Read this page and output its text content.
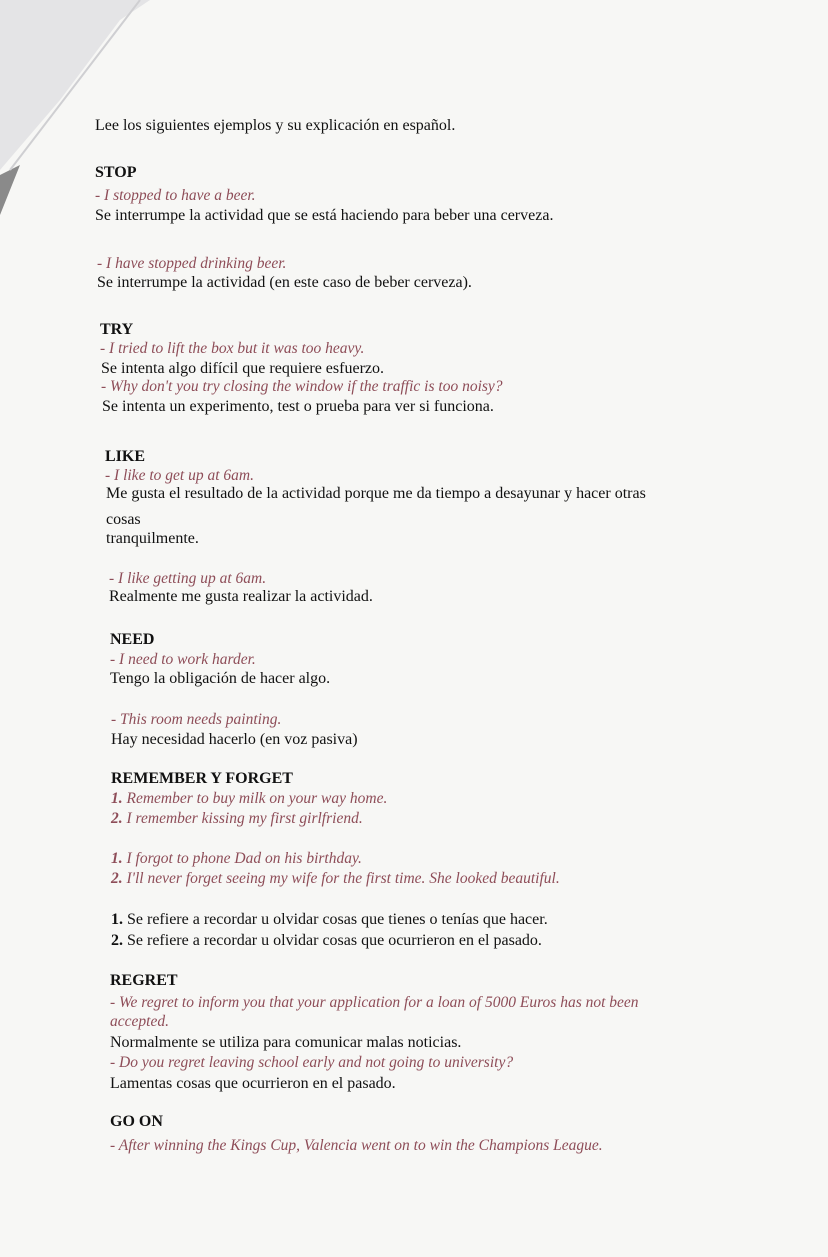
Lee los siguientes ejemplos y su explicación en español.
STOP
- I stopped to have a beer.
Se interrumpe la actividad que se está haciendo para beber una cerveza.
- I have stopped drinking beer.
Se interrumpe la actividad (en este caso de beber cerveza).
TRY
- I tried to lift the box but it was too heavy.
Se intenta algo difícil que requiere esfuerzo.
- Why don't you try closing the window if the traffic is too noisy?
Se intenta un experimento, test o prueba para ver si funciona.
LIKE
- I like to get up at 6am.
Me gusta el resultado de la actividad porque me da tiempo a desayunar y hacer otras
cosas
tranquilmente.
- I like getting up at 6am.
Realmente me gusta realizar la actividad.
NEED
- I need to work harder.
Tengo la obligación de hacer algo.
- This room needs painting.
Hay necesidad hacerlo (en voz pasiva)
REMEMBER Y FORGET
1. Remember to buy milk on your way home.
2. I remember kissing my first girlfriend.
1. I forgot to phone Dad on his birthday.
2. I'll never forget seeing my wife for the first time. She looked beautiful.
1. Se refiere a recordar u olvidar cosas que tienes o tenías que hacer.
2. Se refiere a recordar u olvidar cosas que ocurrieron en el pasado.
REGRET
- We regret to inform you that your application for a loan of 5000 Euros has not been
accepted.
Normalmente se utiliza para comunicar malas noticias.
- Do you regret leaving school early and not going to university?
Lamentas cosas que ocurrieron en el pasado.
GO ON
- After winning the Kings Cup, Valencia went on to win the Champions League.
